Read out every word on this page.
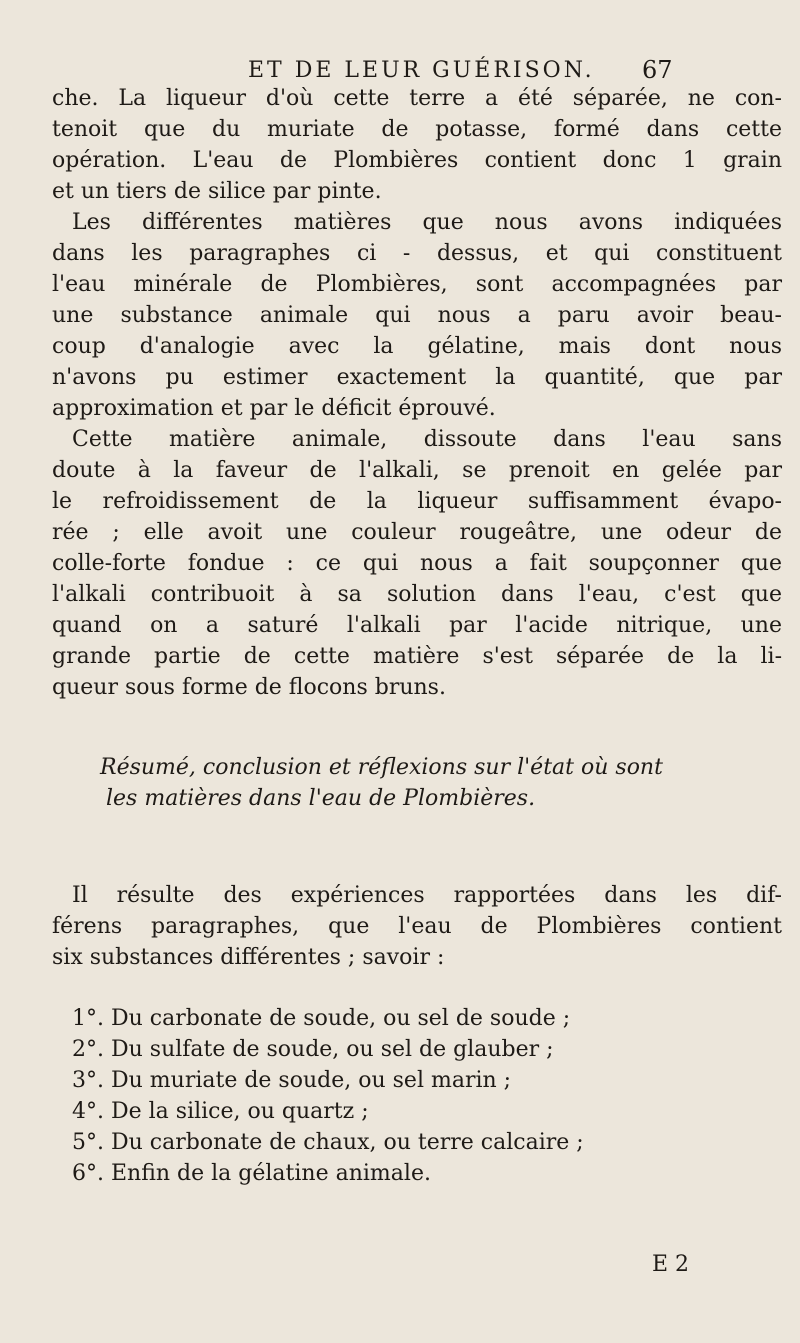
ET DE LEUR GUÉRISON. 67
che. La liqueur d'où cette terre a été séparée, ne con-
tenoit que du muriate de potasse, formé dans cette
opération. L'eau de Plombières contient donc 1 grain
et un tiers de silice par pinte.
Les différentes matières que nous avons indiquées
dans les paragraphes ci - dessus, et qui constituent
l'eau minérale de Plombières, sont accompagnées par
une substance animale qui nous a paru avoir beau-
coup d'analogie avec la gélatine, mais dont nous
n'avons pu estimer exactement la quantité, que par
approximation et par le déficit éprouvé.
Cette matière animale, dissoute dans l'eau sans
doute à la faveur de l'alkali, se prenoit en gelée par
le refroidissement de la liqueur suffisamment évapo-
rée ; elle avoit une couleur rougeâtre, une odeur de
colle-forte fondue : ce qui nous a fait soupçonner que
l'alkali contribuoit à sa solution dans l'eau, c'est que
quand on a saturé l'alkali par l'acide nitrique, une
grande partie de cette matière s'est séparée de la li-
queur sous forme de flocons bruns.
Résumé, conclusion et réflexions sur l'état où sont
les matières dans l'eau de Plombières.
Il résulte des expériences rapportées dans les dif-
férens paragraphes, que l'eau de Plombières contient
six substances différentes ; savoir :
1°. Du carbonate de soude, ou sel de soude ;
2°. Du sulfate de soude, ou sel de glauber ;
3°. Du muriate de soude, ou sel marin ;
4°. De la silice, ou quartz ;
5°. Du carbonate de chaux, ou terre calcaire ;
6°. Enfin de la gélatine animale.
E 2
